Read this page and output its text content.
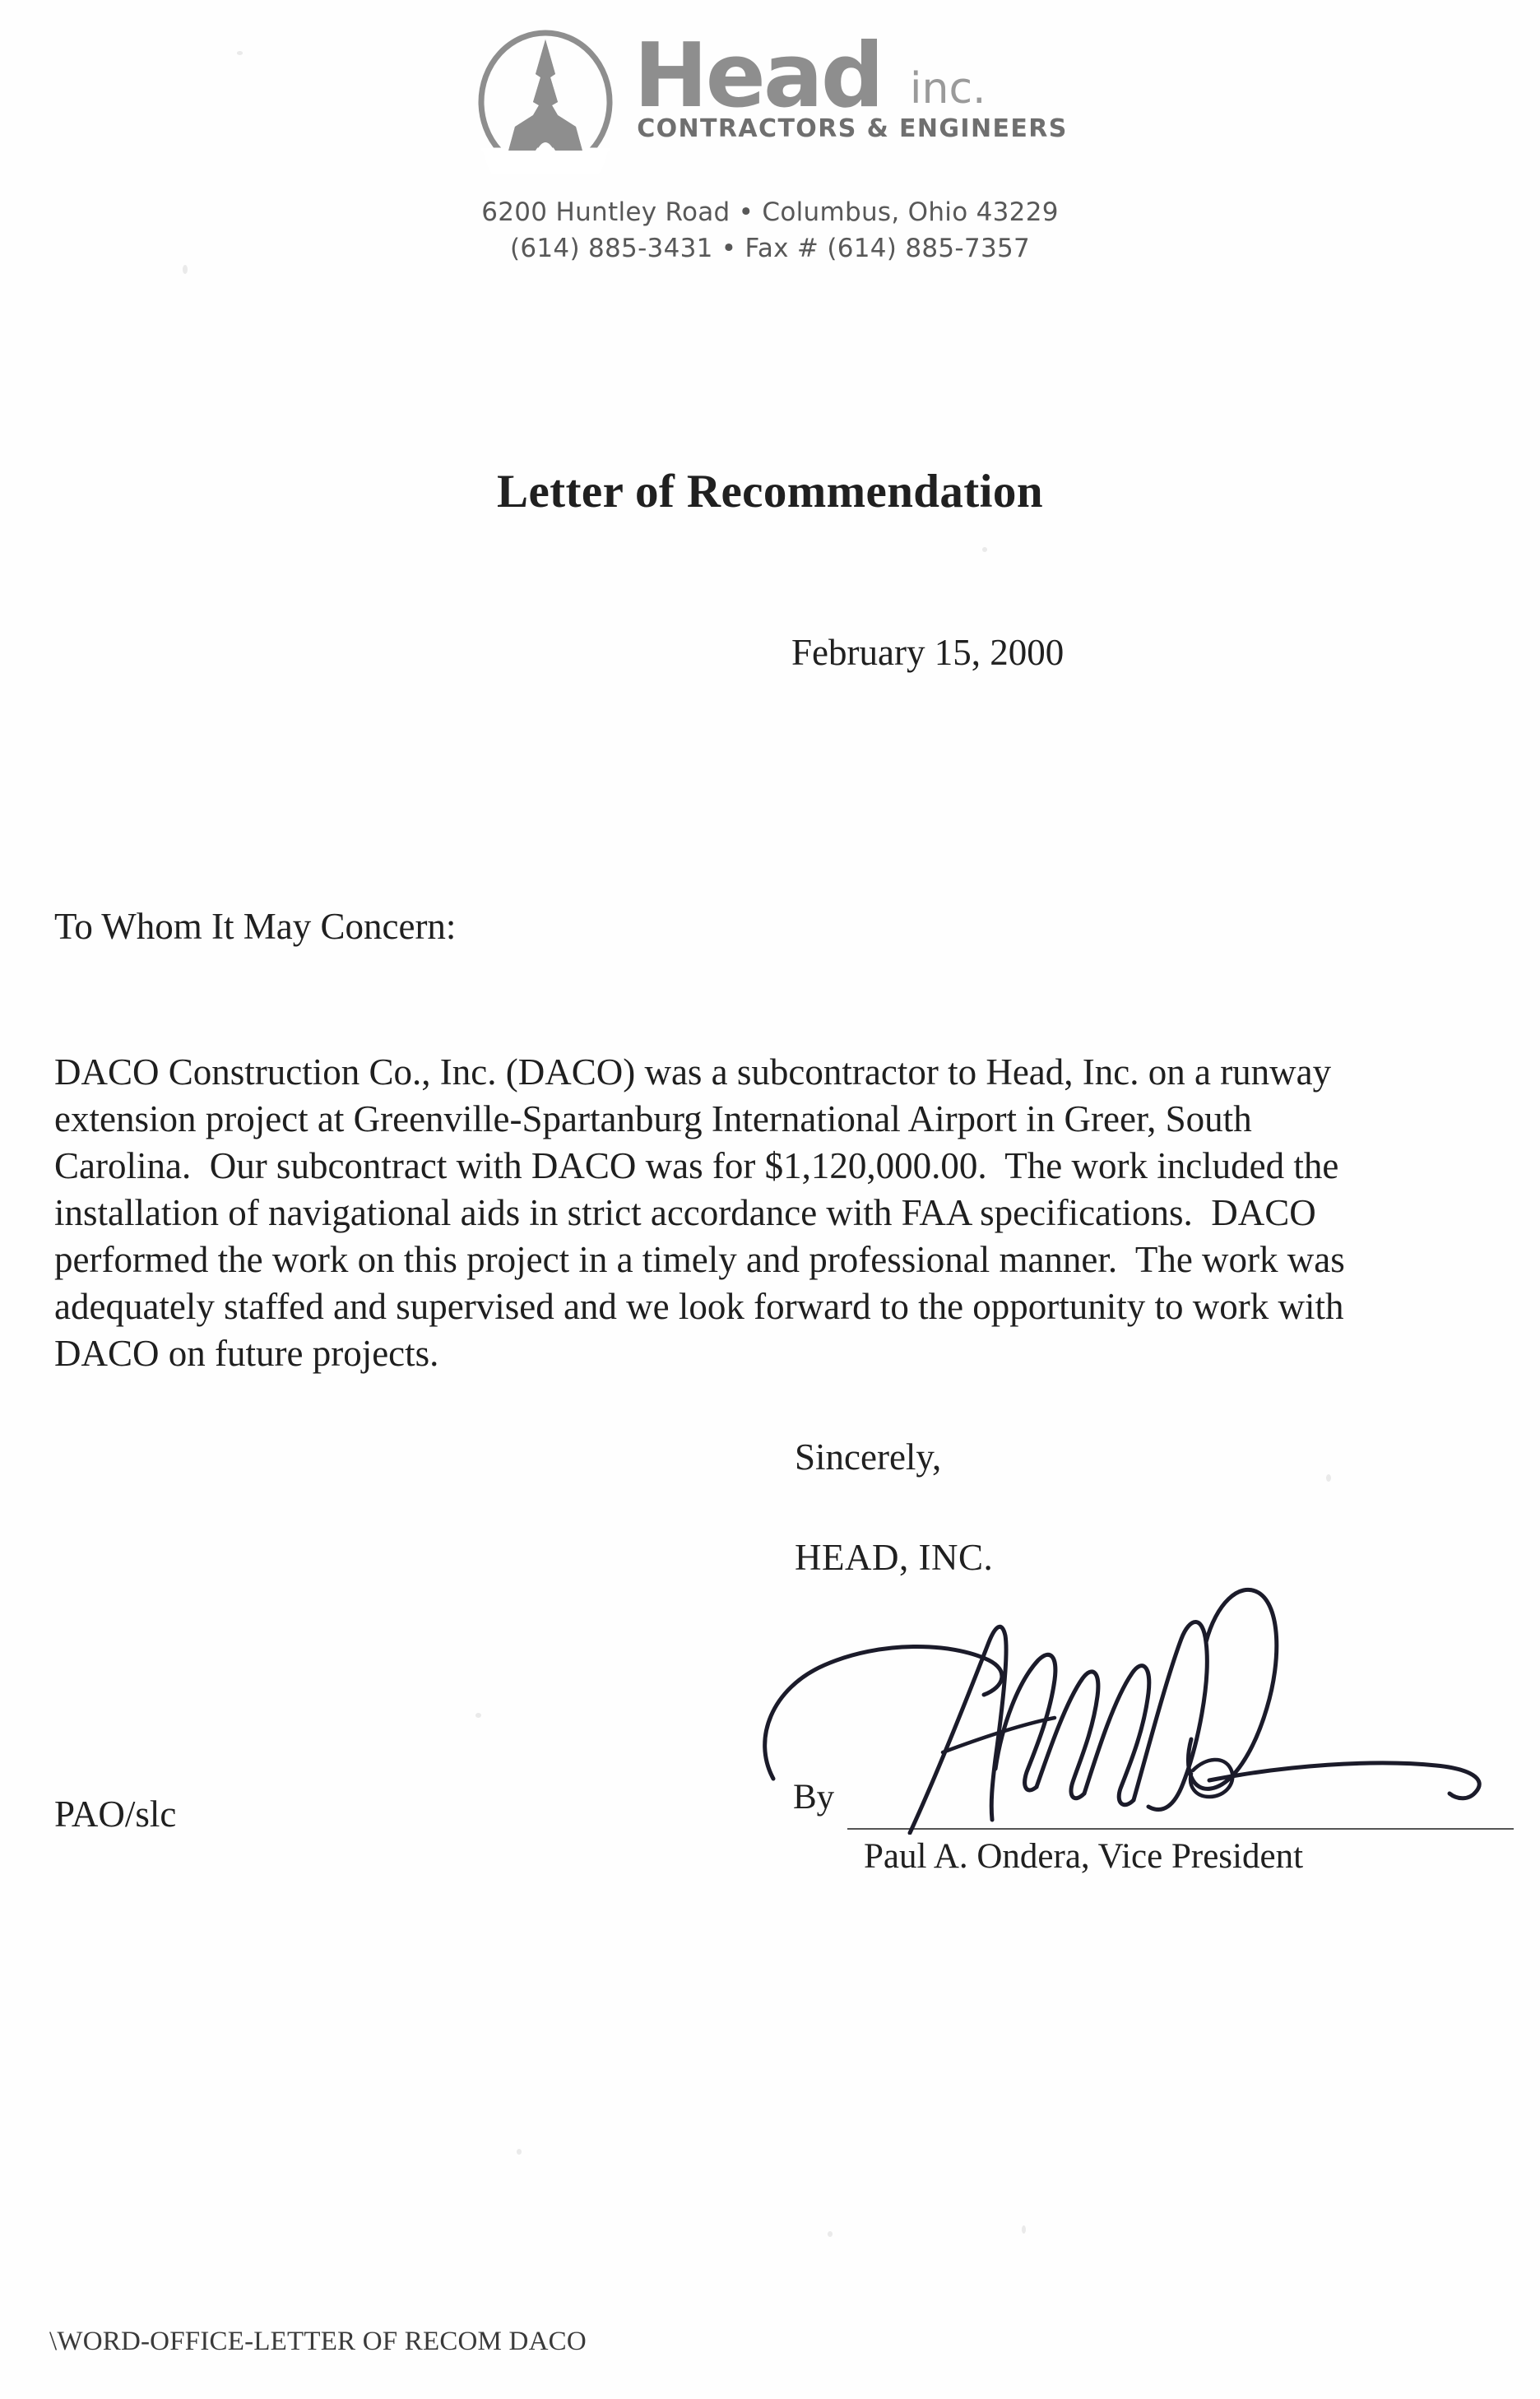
Head inc.
CONTRACTORS & ENGINEERS
6200 Huntley Road • Columbus, Ohio 43229
(614) 885-3431 • Fax # (614) 885-7357
Letter of Recommendation
February 15, 2000
To Whom It May Concern:
DACO Construction Co., Inc. (DACO) was a subcontractor to Head, Inc. on a runway
extension project at Greenville-Spartanburg International Airport in Greer, South
Carolina.  Our subcontract with DACO was for $1,120,000.00.  The work included the
installation of navigational aids in strict accordance with FAA specifications.  DACO
performed the work on this project in a timely and professional manner.  The work was
adequately staffed and supervised and we look forward to the opportunity to work with
DACO on future projects.
Sincerely,
HEAD, INC.
By
Paul A. Ondera, Vice President
PAO/slc
\WORD-OFFICE-LETTER OF RECOM DACO
